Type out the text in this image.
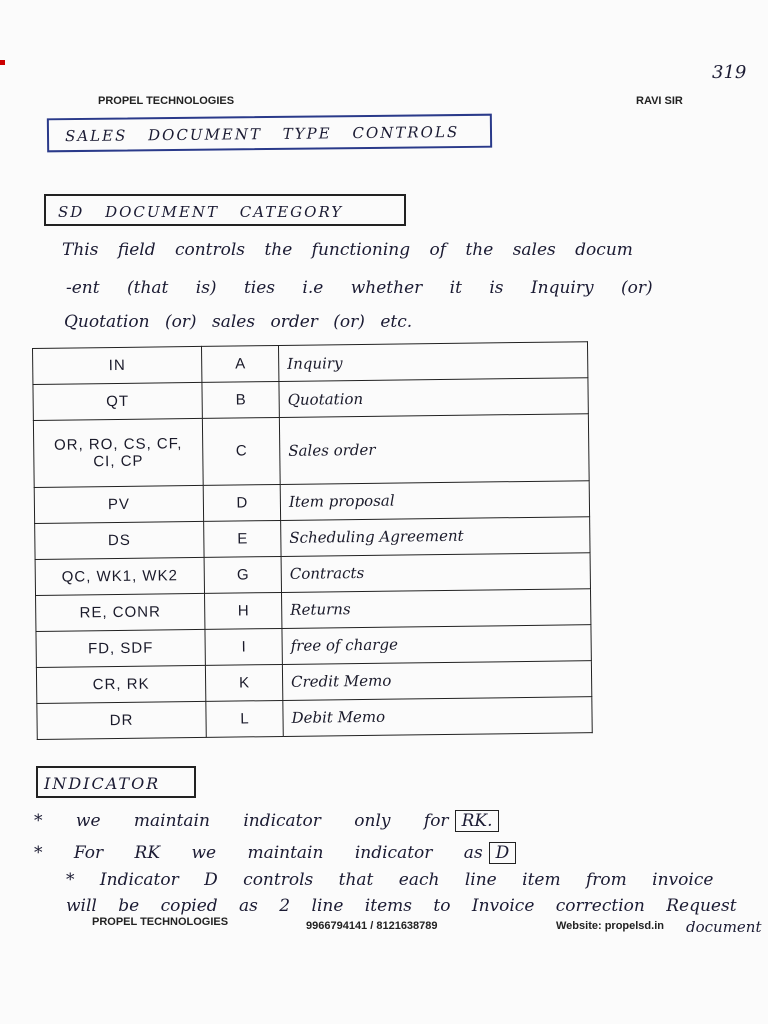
319
PROPEL TECHNOLOGIES	RAVI SIR
SALES DOCUMENT TYPE CONTROLS
SD DOCUMENT CATEGORY
This field controls the functioning of the sales docum
-ent (that is) ties i.e whether it is Inquiry (or)
Quotation (or) sales order (or) etc.
IN	A	Inquiry
QT	B	Quotation
OR, RO, CS, CF, CI, CP	C	Sales order
PV	D	Item proposal
DS	E	Scheduling Agreement
QC, WK1, WK2	G	Contracts
RE, CONR	H	Returns
FD, SDF	I	free of charge
CR, RK	K	Credit Memo
DR	L	Debit Memo
INDICATOR
* we maintain indicator only for RK.
* For RK we maintain indicator as D
* Indicator D controls that each line item from invoice
will be copied as 2 line items to Invoice correction Request
PROPEL TECHNOLOGIES	9966794141 / 8121638789	Website: propelsd.in document
